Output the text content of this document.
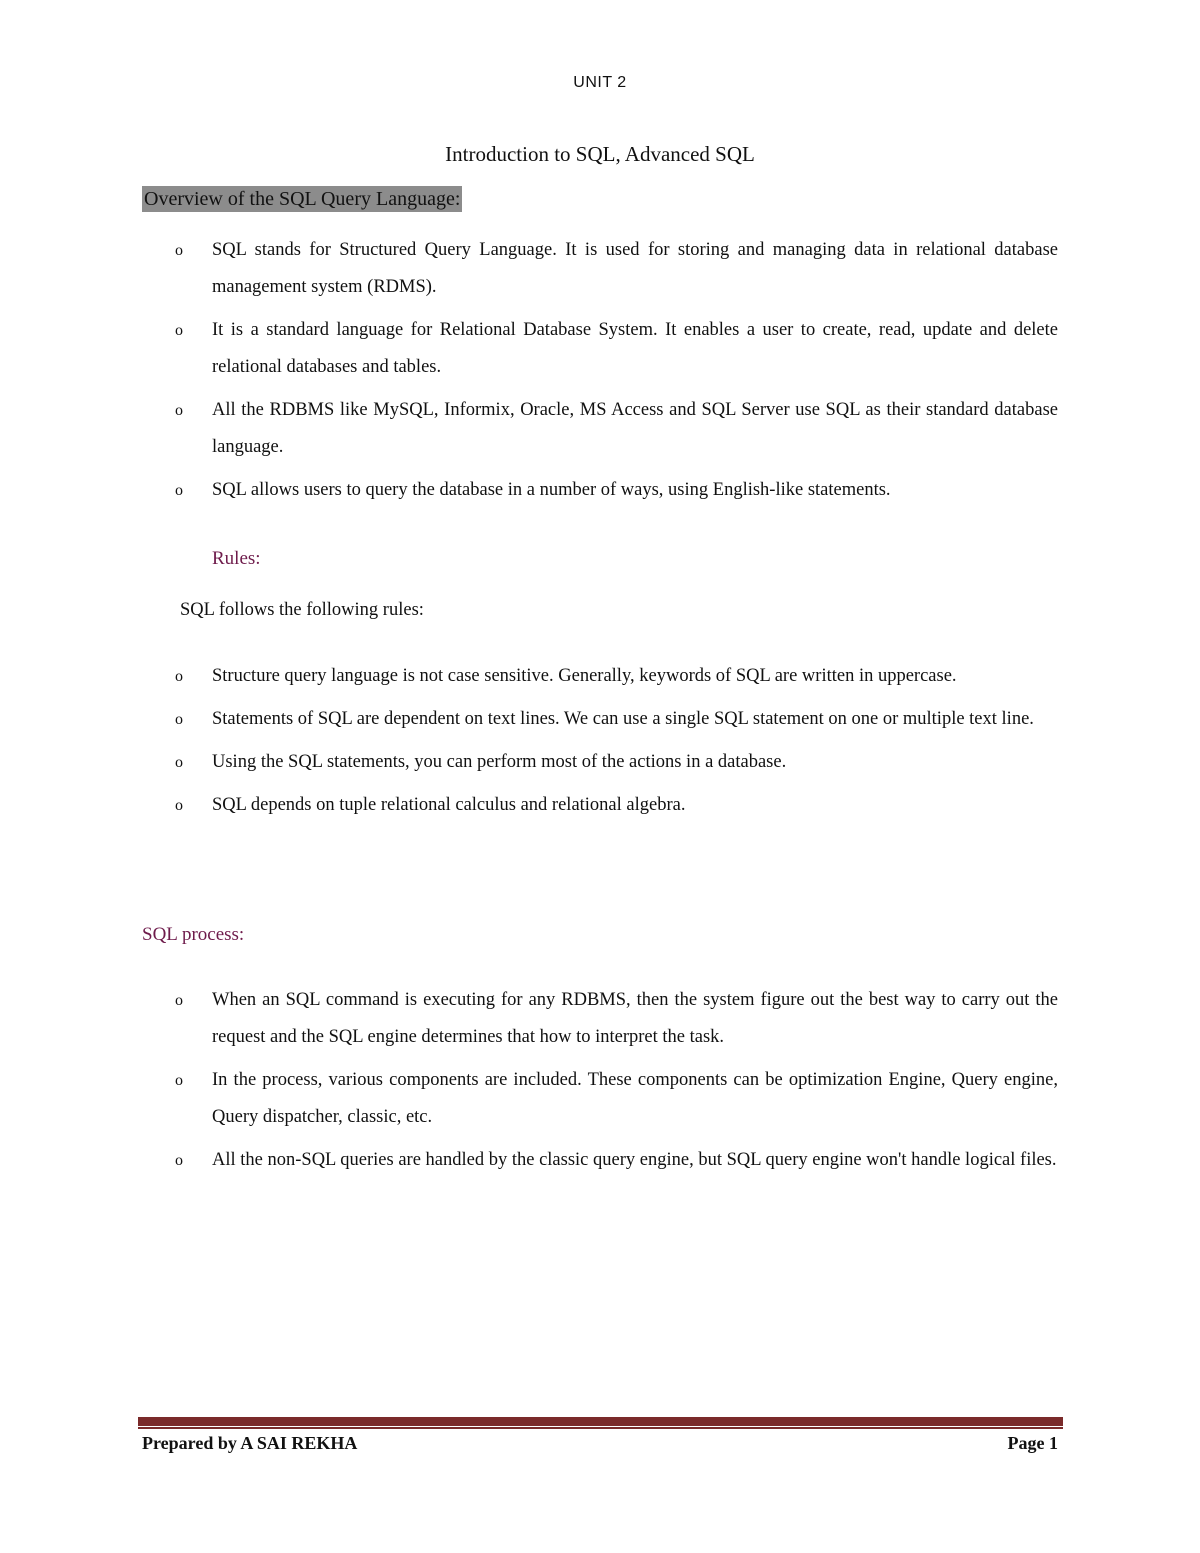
UNIT 2
Introduction to SQL, Advanced SQL
Overview of the SQL Query Language:
o SQL stands for Structured Query Language. It is used for storing and managing data in relational database management system (RDMS).
o It is a standard language for Relational Database System. It enables a user to create, read, update and delete relational databases and tables.
o All the RDBMS like MySQL, Informix, Oracle, MS Access and SQL Server use SQL as their standard database language.
o SQL allows users to query the database in a number of ways, using English-like statements.
Rules:
SQL follows the following rules:
o Structure query language is not case sensitive. Generally, keywords of SQL are written in uppercase.
o Statements of SQL are dependent on text lines. We can use a single SQL statement on one or multiple text line.
o Using the SQL statements, you can perform most of the actions in a database.
o SQL depends on tuple relational calculus and relational algebra.
SQL process:
o When an SQL command is executing for any RDBMS, then the system figure out the best way to carry out the request and the SQL engine determines that how to interpret the task.
o In the process, various components are included. These components can be optimization Engine, Query engine, Query dispatcher, classic, etc.
o All the non-SQL queries are handled by the classic query engine, but SQL query engine won't handle logical files.
Prepared by A SAI REKHA	Page 1
